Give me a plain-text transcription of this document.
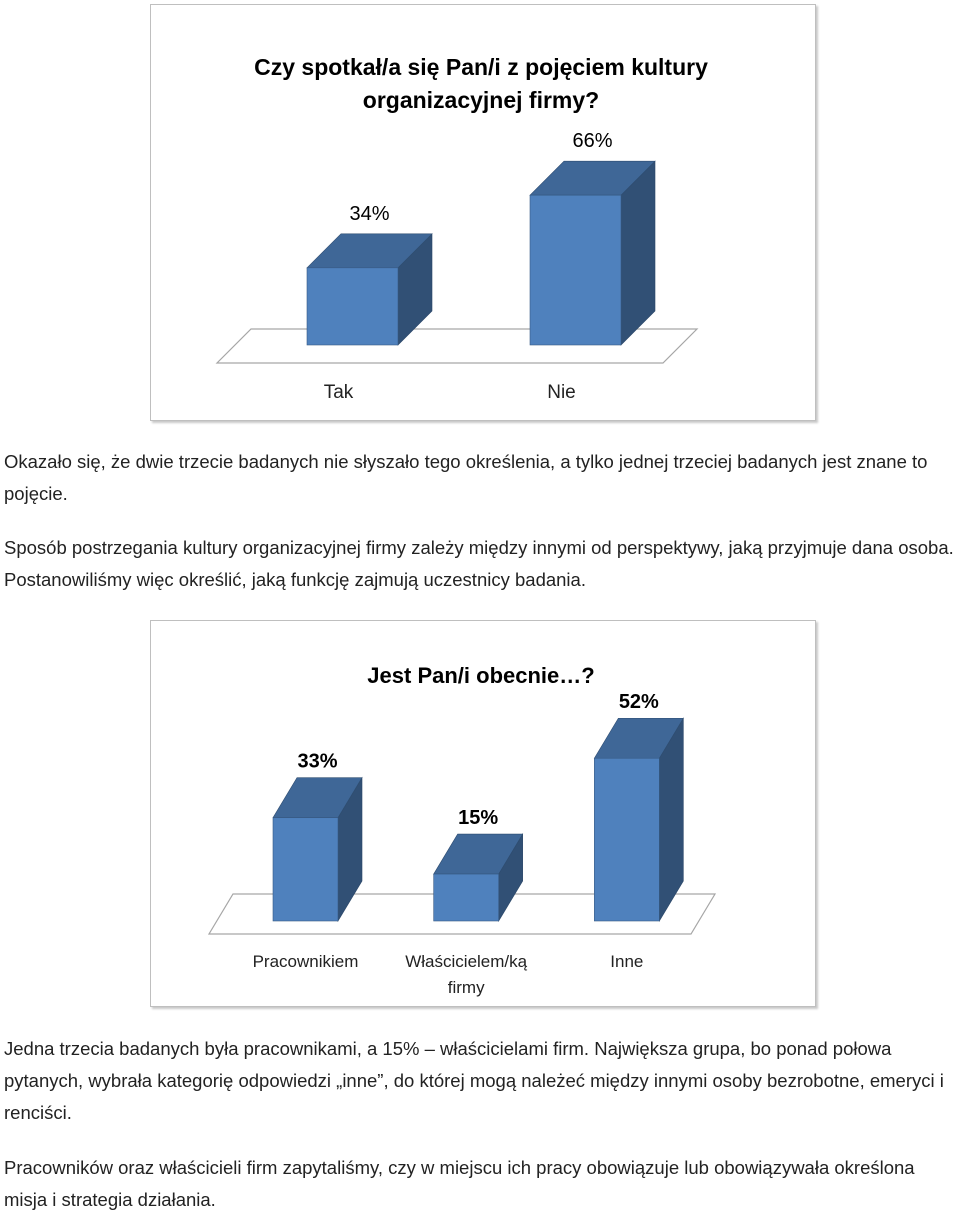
Czy spotkał/a się Pan/i z pojęciem kultury
organizacyjnej firmy?
34%
Tak
66%
Nie

Okazało się, że dwie trzecie badanych nie słyszało tego określenia, a tylko jednej trzeciej badanych jest znane to pojęcie.

Sposób postrzegania kultury organizacyjnej firmy zależy między innymi od perspektywy, jaką przyjmuje dana osoba. Postanowiliśmy więc określić, jaką funkcję zajmują uczestnicy badania.

Jest Pan/i obecnie…?
33%
Pracownikiem
15%
Właścicielem/ką
firmy
52%
Inne

Jedna trzecia badanych była pracownikami, a 15% – właścicielami firm. Największa grupa, bo ponad połowa pytanych, wybrała kategorię odpowiedzi „inne”, do której mogą należeć między innymi osoby bezrobotne, emeryci i renciści.

Pracowników oraz właścicieli firm zapytaliśmy, czy w miejscu ich pracy obowiązuje lub obowiązywała określona misja i strategia działania.
